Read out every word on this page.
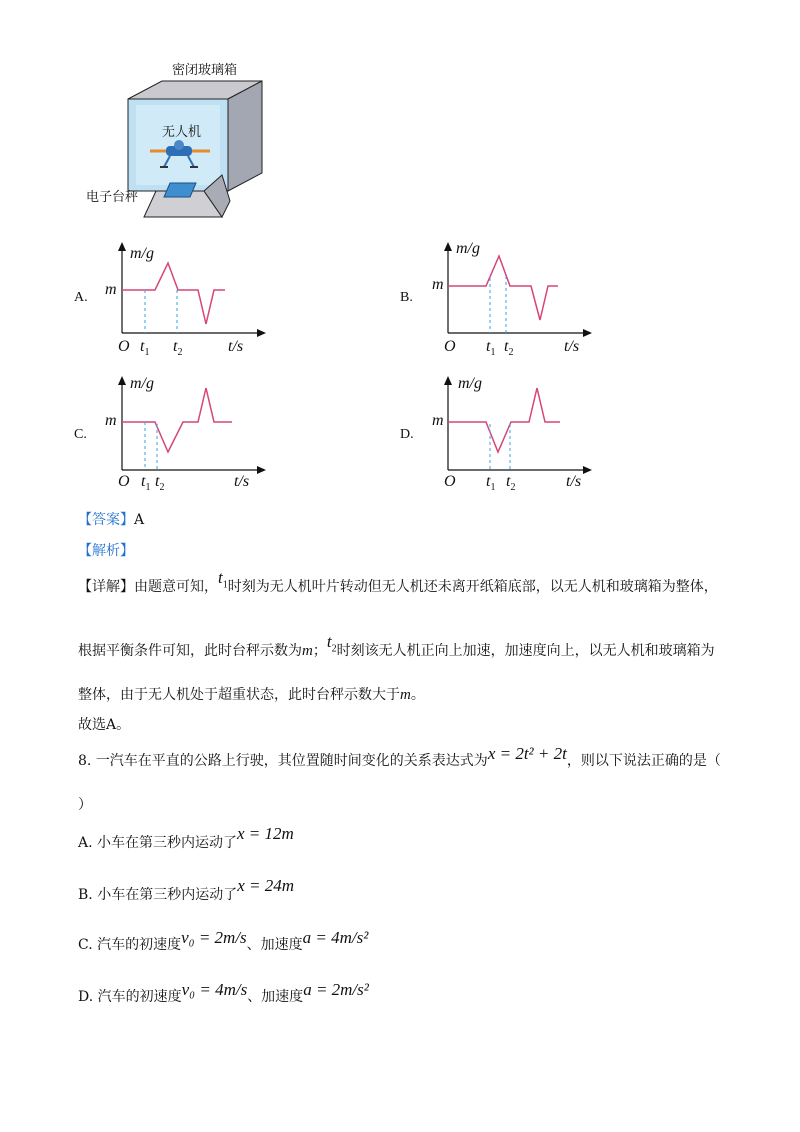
密闭玻璃箱
无人机
电子台秤
A.
m/g
m
O $t_1$ $t_2$	t/s
B.
m/g
m
O $t_1$ $t_2$	t/s
C.
m/g
m
O $t_1$ $t_2$	t/s
D.
m/g
m
O $t_1$ $t_2$	t/s
【答案】A
【解析】
【详解】由题意可知，$t_1$时刻为无人机叶片转动但无人机还未离开纸箱底部，以无人机和玻璃箱为整体，
根据平衡条件可知，此时台秤示数为m；$t_2$时刻该无人机正向上加速，加速度向上，以无人机和玻璃箱为
整体，由于无人机处于超重状态，此时台秤示数大于m。
故选A。
8. 一汽车在平直的公路上行驶，其位置随时间变化的关系表达式为x = 2t² + 2t，则以下说法正确的是（
）
A. 小车在第三秒内运动了x = 12m
B. 小车在第三秒内运动了x = 24m
C. 汽车的初速度v₀ = 2m/s、加速度a = 4m/s²
D. 汽车的初速度v₀ = 4m/s、加速度a = 2m/s²
